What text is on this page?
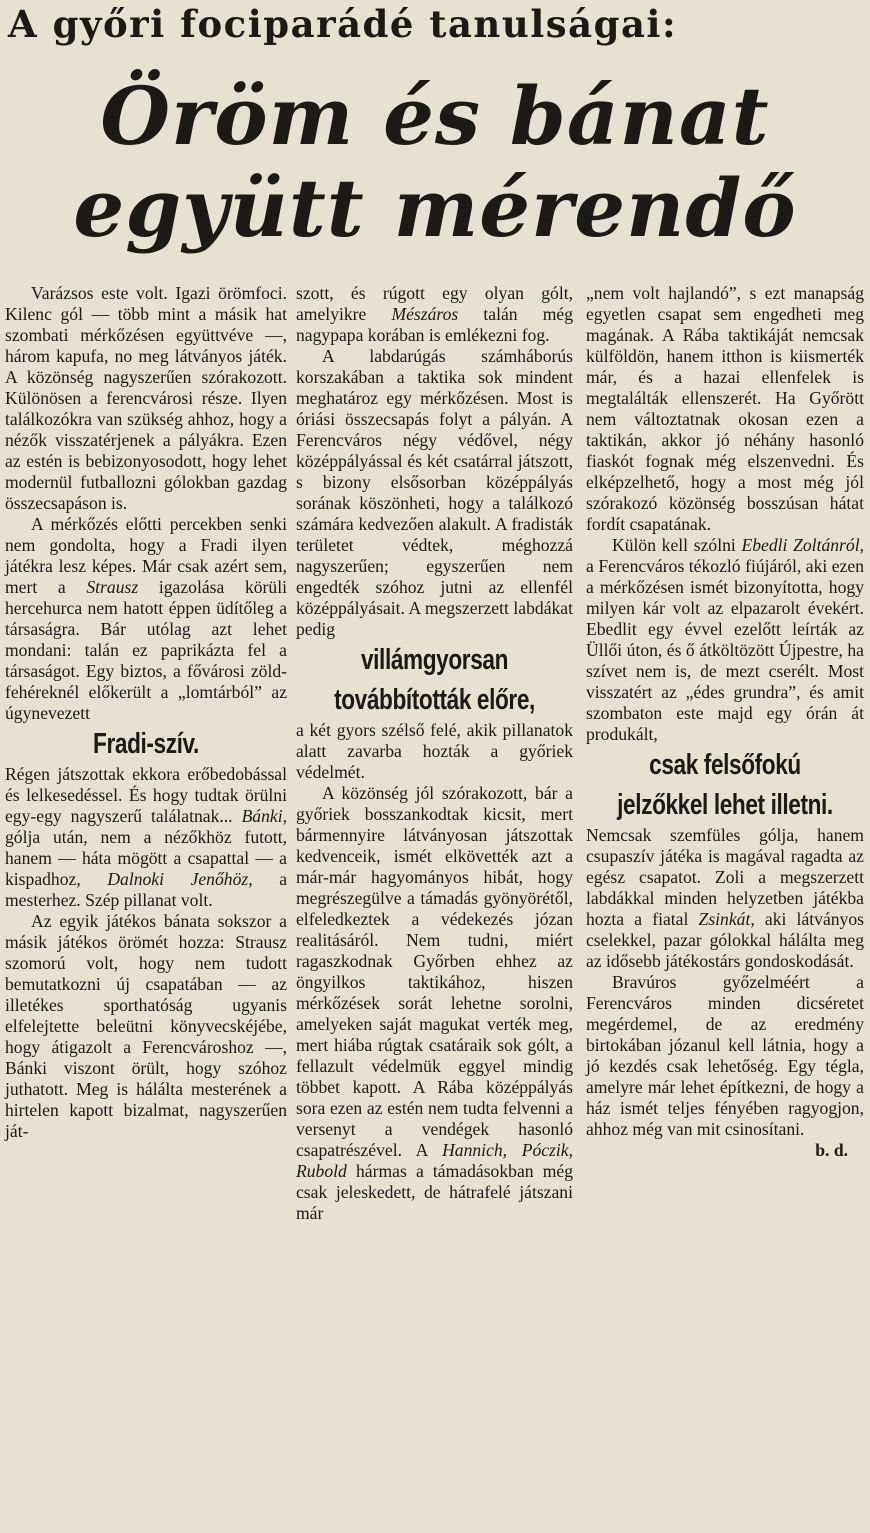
A győri fociparádé tanulságai:
Öröm és bánat
együtt mérendő

Varázsos este volt. Igazi örömfoci. Kilenc gól — több mint a másik hat szombati mérkőzésen együttvéve —, három kapufa, no meg látványos játék. A közönség nagyszerűen szórakozott. Különösen a ferencvárosi része. Ilyen találkozókra van szükség ahhoz, hogy a nézők visszatérjenek a pályákra. Ezen az estén is bebizonyosodott, hogy lehet modernül futballozni gólokban gazdag összecsapáson is.

A mérkőzés előtti percekben senki nem gondolta, hogy a Fradi ilyen játékra lesz képes. Már csak azért sem, mert a Strausz igazolása körüli hercehurca nem hatott éppen üdítőleg a társaságra. Bár utólag azt lehet mondani: talán ez paprikázta fel a társaságot. Egy biztos, a fővárosi zöld-fehéreknél előkerült a „lomtárból” az úgynevezett

Fradi-szív.

Régen játszottak ekkora erőbedobással és lelkesedéssel. És hogy tudtak örülni egy-egy nagyszerű találatnak... Bánki, gólja után, nem a nézőkhöz futott, hanem — háta mögött a csapattal — a kispadhoz, Dalnoki Jenőhöz, a mesterhez. Szép pillanat volt.

Az egyik játékos bánata sokszor a másik játékos örömét hozza: Strausz szomorú volt, hogy nem tudott bemutatkozni új csapatában — az illetékes sporthatóság ugyanis elfelejtette beleütni könyvecskéjébe, hogy átigazolt a Ferencvároshoz —, Bánki viszont örült, hogy szóhoz juthatott. Meg is hálálta mesterének a hirtelen kapott bizalmat, nagyszerűen ját-

szott, és rúgott egy olyan gólt, amelyikre Mészáros talán még nagypapa korában is emlékezni fog.

A labdarúgás számháborús korszakában a taktika sok mindent meghatároz egy mérkőzésen. Most is óriási összecsapás folyt a pályán. A Ferencváros négy védővel, négy középpályással és két csatárral játszott, s bizony elsősorban középpályás sorának köszönheti, hogy a találkozó számára kedvezően alakult. A fradisták területet védtek, méghozzá nagyszerűen; egyszerűen nem engedték szóhoz jutni az ellenfél középpályásait. A megszerzett labdákat pedig

villámgyorsan
továbbították előre,

a két gyors szélső felé, akik pillanatok alatt zavarba hozták a győriek védelmét.

A közönség jól szórakozott, bár a győriek bosszankodtak kicsit, mert bármennyire látványosan játszottak kedvenceik, ismét elkövették azt a már-már hagyományos hibát, hogy megrészegülve a támadás gyönyörétől, elfeledkeztek a védekezés józan realitásáról. Nem tudni, miért ragaszkodnak Győrben ehhez az öngyilkos taktikához, hiszen mérkőzések sorát lehetne sorolni, amelyeken saját magukat verték meg, mert hiába rúgtak csatáraik sok gólt, a fellazult védelmük eggyel mindig többet kapott. A Rába középpályás sora ezen az estén nem tudta felvenni a versenyt a vendégek hasonló csapatrészével. A Hannich, Póczik, Rubold hármas a támadásokban még csak jeleskedett, de hátrafelé játszani már

„nem volt hajlandó”, s ezt manapság egyetlen csapat sem engedheti meg magának. A Rába taktikáját nemcsak külföldön, hanem itthon is kiismerték már, és a hazai ellenfelek is megtalálták ellenszerét. Ha Győrött nem változtatnak okosan ezen a taktikán, akkor jó néhány hasonló fiaskót fognak még elszenvedni. És elképzelhető, hogy a most még jól szórakozó közönség bosszúsan hátat fordít csapatának.

Külön kell szólni Ebedli Zoltánról, a Ferencváros tékozló fiújáról, aki ezen a mérkőzésen ismét bizonyította, hogy milyen kár volt az elpazarolt évekért. Ebedlit egy évvel ezelőtt leírták az Üllői úton, és ő átköltözött Újpestre, ha szívet nem is, de mezt cserélt. Most visszatért az „édes grundra”, és amit szombaton este majd egy órán át produkált,

csak felsőfokú
jelzőkkel lehet illetni.

Nemcsak szemfüles gólja, hanem csupaszív játéka is magával ragadta az egész csapatot. Zoli a megszerzett labdákkal minden helyzetben játékba hozta a fiatal Zsinkát, aki látványos cselekkel, pazar gólokkal hálálta meg az idősebb játékostárs gondoskodását.

Bravúros győzelméért a Ferencváros minden dicséretet megérdemel, de az eredmény birtokában józanul kell látnia, hogy a jó kezdés csak lehetőség. Egy tégla, amelyre már lehet építkezni, de hogy a ház ismét teljes fényében ragyogjon, ahhoz még van mit csinosítani.

b. d.
